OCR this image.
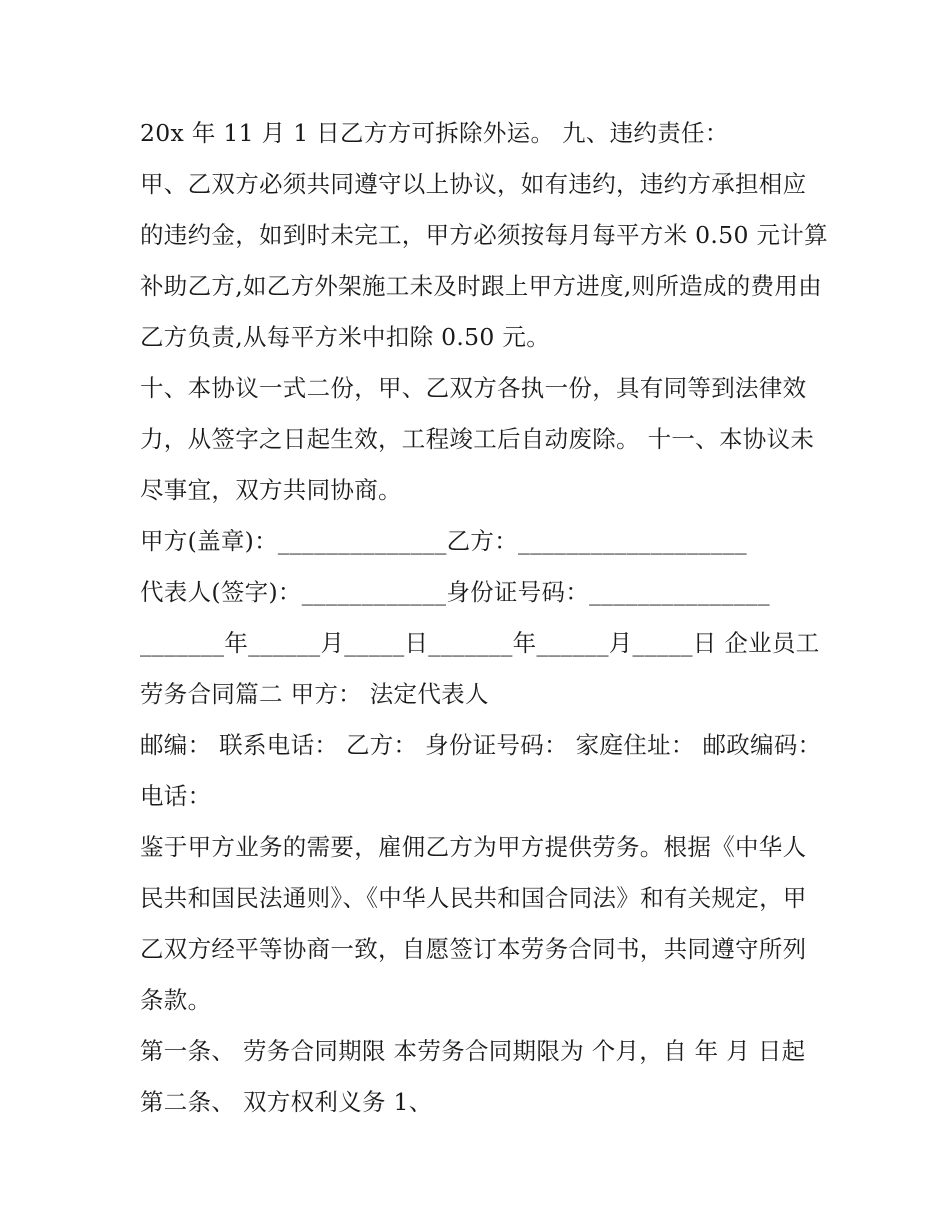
20x 年 11 月 1 日乙方方可拆除外运。 九、违约责任：

甲、乙双方必须共同遵守以上协议，如有违约，违约方承担相应的违约金，如到时未完工，甲方必须按每月每平方米 0.50 元计算补助乙方,如乙方外架施工未及时跟上甲方进度,则所造成的费用由乙方负责,从每平方米中扣除 0.50 元。

十、本协议一式二份，甲、乙双方各执一份，具有同等到法律效力，从签字之日起生效，工程竣工后自动废除。 十一、本协议未尽事宜，双方共同协商。

甲方(盖章)：______________乙方：___________________

代表人(签字)：____________身份证号码：_______________

_______年______月_____日_______年______月_____日 企业员工劳务合同篇二 甲方： 法定代表人

邮编： 联系电话： 乙方： 身份证号码： 家庭住址： 邮政编码： 电话：

鉴于甲方业务的需要，雇佣乙方为甲方提供劳务。根据《中华人民共和国民法通则》、《中华人民共和国合同法》和有关规定，甲乙双方经平等协商一致，自愿签订本劳务合同书，共同遵守所列条款。

第一条、 劳务合同期限 本劳务合同期限为 个月，自 年 月 日起 第二条、 双方权利义务 1、
